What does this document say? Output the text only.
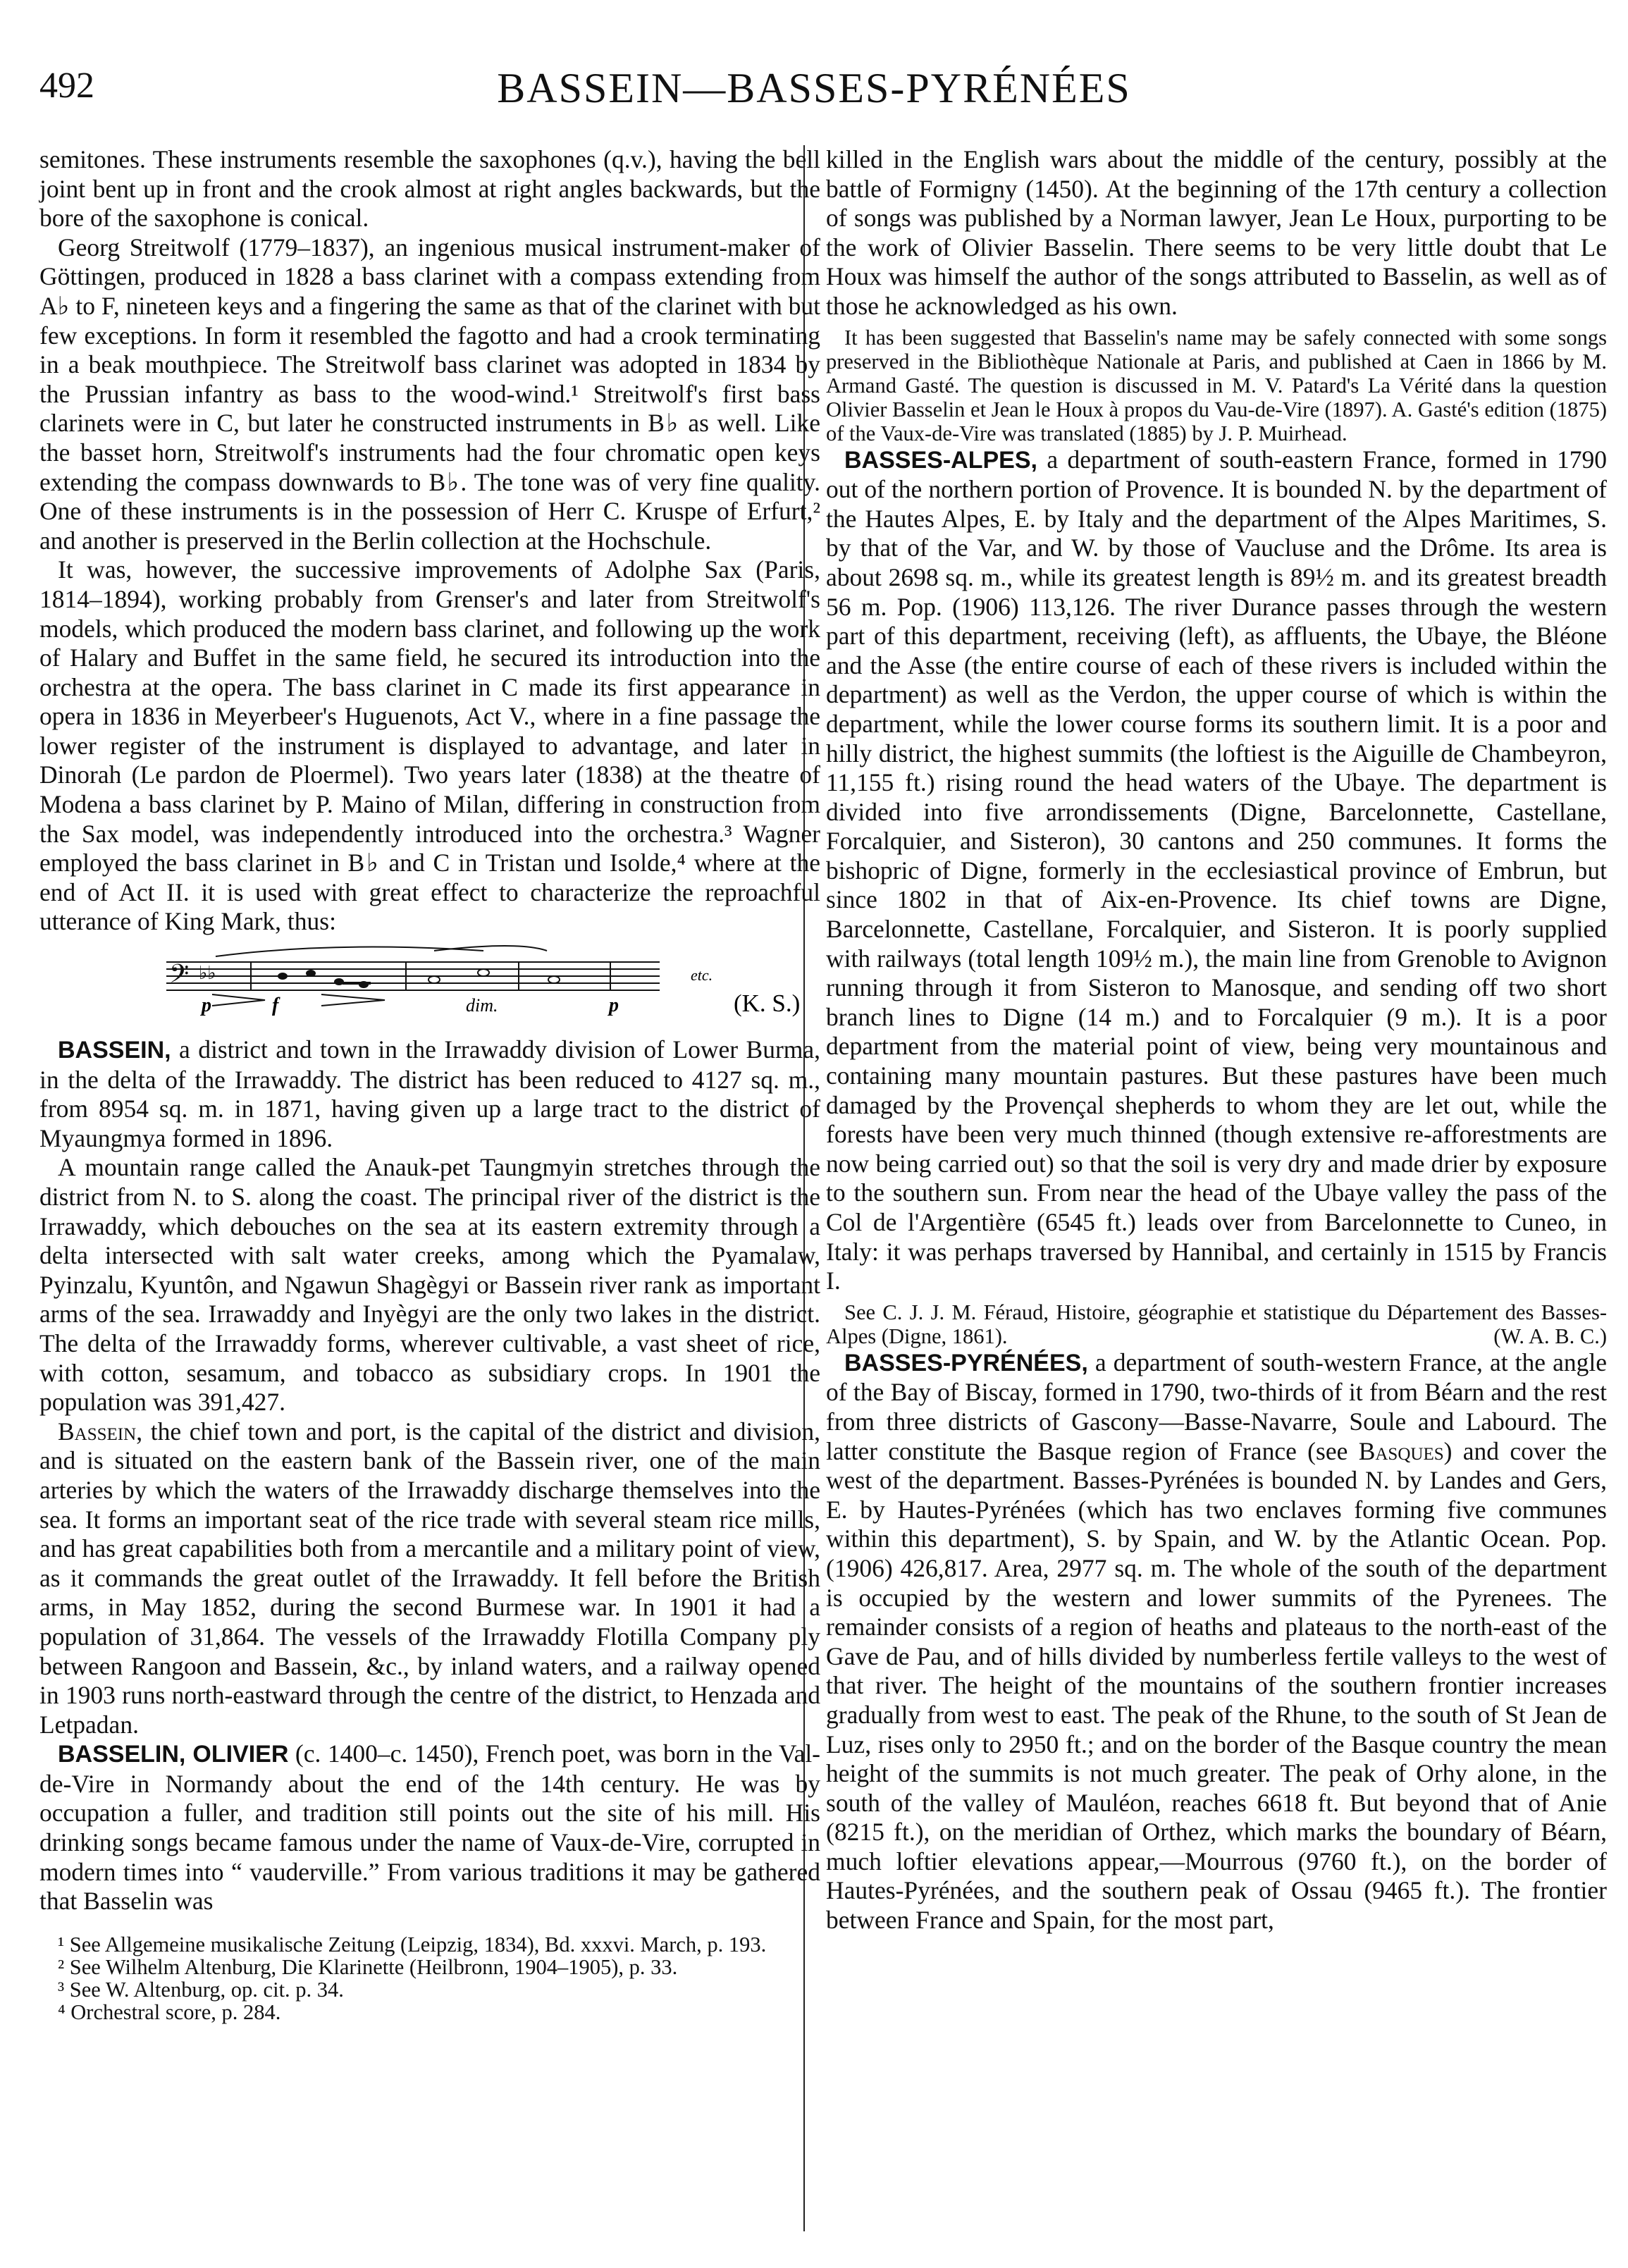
492	BASSEIN—BASSES-PYRÉNÉES

semitones. These instruments resemble the saxophones (q.v.), having the bell joint bent up in front and the crook almost at right angles backwards, but the bore of the saxophone is conical.

Georg Streitwolf (1779–1837), an ingenious musical instrument-maker of Göttingen, produced in 1828 a bass clarinet with a compass extending from A♭ to F, nineteen keys and a fingering the same as that of the clarinet with but few exceptions. In form it resembled the fagotto and had a crook terminating in a beak mouthpiece. The Streitwolf bass clarinet was adopted in 1834 by the Prussian infantry as bass to the wood-wind.¹ Streitwolf's first bass clarinets were in C, but later he constructed instruments in B♭ as well. Like the basset horn, Streitwolf's instruments had the four chromatic open keys extending the compass downwards to B♭. The tone was of very fine quality. One of these instruments is in the possession of Herr C. Kruspe of Erfurt,² and another is preserved in the Berlin collection at the Hochschule.

It was, however, the successive improvements of Adolphe Sax (Paris, 1814–1894), working probably from Grenser's and later from Streitwolf's models, which produced the modern bass clarinet, and following up the work of Halary and Buffet in the same field, he secured its introduction into the orchestra at the opera. The bass clarinet in C made its first appearance in opera in 1836 in Meyerbeer's Huguenots, Act V., where in a fine passage the lower register of the instrument is displayed to advantage, and later in Dinorah (Le pardon de Ploermel). Two years later (1838) at the theatre of Modena a bass clarinet by P. Maino of Milan, differing in construction from the Sax model, was independently introduced into the orchestra.³ Wagner employed the bass clarinet in B♭ and C in Tristan und Isolde,⁴ where at the end of Act II. it is used with great effect to characterize the reproachful utterance of King Mark, thus:

𝄢 ♭♭	etc.
p	f	dim.	p	(K. S.)

BASSEIN, a district and town in the Irrawaddy division of Lower Burma, in the delta of the Irrawaddy. The district has been reduced to 4127 sq. m., from 8954 sq. m. in 1871, having given up a large tract to the district of Myaungmya formed in 1896.

A mountain range called the Anauk-pet Taungmyin stretches through the district from N. to S. along the coast. The principal river of the district is the Irrawaddy, which debouches on the sea at its eastern extremity through a delta intersected with salt water creeks, among which the Pyamalaw, Pyinzalu, Kyuntôn, and Ngawun Shagègyi or Bassein river rank as important arms of the sea. Irrawaddy and Inyègyi are the only two lakes in the district. The delta of the Irrawaddy forms, wherever cultivable, a vast sheet of rice, with cotton, sesamum, and tobacco as subsidiary crops. In 1901 the population was 391,427.

Bassein, the chief town and port, is the capital of the district and division, and is situated on the eastern bank of the Bassein river, one of the main arteries by which the waters of the Irrawaddy discharge themselves into the sea. It forms an important seat of the rice trade with several steam rice mills, and has great capabilities both from a mercantile and a military point of view, as it commands the great outlet of the Irrawaddy. It fell before the British arms, in May 1852, during the second Burmese war. In 1901 it had a population of 31,864. The vessels of the Irrawaddy Flotilla Company ply between Rangoon and Bassein, &c., by inland waters, and a railway opened in 1903 runs north-eastward through the centre of the district, to Henzada and Letpadan.

BASSELIN, OLIVIER (c. 1400–c. 1450), French poet, was born in the Val-de-Vire in Normandy about the end of the 14th century. He was by occupation a fuller, and tradition still points out the site of his mill. His drinking songs became famous under the name of Vaux-de-Vire, corrupted in modern times into “ vauderville.” From various traditions it may be gathered that Basselin was

¹ See Allgemeine musikalische Zeitung (Leipzig, 1834), Bd. xxxvi. March, p. 193.

² See Wilhelm Altenburg, Die Klarinette (Heilbronn, 1904–1905), p. 33.

³ See W. Altenburg, op. cit. p. 34.

⁴ Orchestral score, p. 284.

killed in the English wars about the middle of the century, possibly at the battle of Formigny (1450). At the beginning of the 17th century a collection of songs was published by a Norman lawyer, Jean Le Houx, purporting to be the work of Olivier Basselin. There seems to be very little doubt that Le Houx was himself the author of the songs attributed to Basselin, as well as of those he acknowledged as his own.

It has been suggested that Basselin's name may be safely connected with some songs preserved in the Bibliothèque Nationale at Paris, and published at Caen in 1866 by M. Armand Gasté. The question is discussed in M. V. Patard's La Vérité dans la question Olivier Basselin et Jean le Houx à propos du Vau-de-Vire (1897). A. Gasté's edition (1875) of the Vaux-de-Vire was translated (1885) by J. P. Muirhead.

BASSES-ALPES, a department of south-eastern France, formed in 1790 out of the northern portion of Provence. It is bounded N. by the department of the Hautes Alpes, E. by Italy and the department of the Alpes Maritimes, S. by that of the Var, and W. by those of Vaucluse and the Drôme. Its area is about 2698 sq. m., while its greatest length is 89½ m. and its greatest breadth 56 m. Pop. (1906) 113,126. The river Durance passes through the western part of this department, receiving (left), as affluents, the Ubaye, the Bléone and the Asse (the entire course of each of these rivers is included within the department) as well as the Verdon, the upper course of which is within the department, while the lower course forms its southern limit. It is a poor and hilly district, the highest summits (the loftiest is the Aiguille de Chambeyron, 11,155 ft.) rising round the head waters of the Ubaye. The department is divided into five arrondissements (Digne, Barcelonnette, Castellane, Forcalquier, and Sisteron), 30 cantons and 250 communes. It forms the bishopric of Digne, formerly in the ecclesiastical province of Embrun, but since 1802 in that of Aix-en-Provence. Its chief towns are Digne, Barcelonnette, Castellane, Forcalquier, and Sisteron. It is poorly supplied with railways (total length 109½ m.), the main line from Grenoble to Avignon running through it from Sisteron to Manosque, and sending off two short branch lines to Digne (14 m.) and to Forcalquier (9 m.). It is a poor department from the material point of view, being very mountainous and containing many mountain pastures. But these pastures have been much damaged by the Provençal shepherds to whom they are let out, while the forests have been very much thinned (though extensive re-afforestments are now being carried out) so that the soil is very dry and made drier by exposure to the southern sun. From near the head of the Ubaye valley the pass of the Col de l'Argentière (6545 ft.) leads over from Barcelonnette to Cuneo, in Italy: it was perhaps traversed by Hannibal, and certainly in 1515 by Francis I.

See C. J. J. M. Féraud, Histoire, géographie et statistique du Département des Basses-Alpes (Digne, 1861).	(W. A. B. C.)

BASSES-PYRÉNÉES, a department of south-western France, at the angle of the Bay of Biscay, formed in 1790, two-thirds of it from Béarn and the rest from three districts of Gascony—Basse-Navarre, Soule and Labourd. The latter constitute the Basque region of France (see Basques) and cover the west of the department. Basses-Pyrénées is bounded N. by Landes and Gers, E. by Hautes-Pyrénées (which has two enclaves forming five communes within this department), S. by Spain, and W. by the Atlantic Ocean. Pop. (1906) 426,817. Area, 2977 sq. m. The whole of the south of the department is occupied by the western and lower summits of the Pyrenees. The remainder consists of a region of heaths and plateaus to the north-east of the Gave de Pau, and of hills divided by numberless fertile valleys to the west of that river. The height of the mountains of the southern frontier increases gradually from west to east. The peak of the Rhune, to the south of St Jean de Luz, rises only to 2950 ft.; and on the border of the Basque country the mean height of the summits is not much greater. The peak of Orhy alone, in the south of the valley of Mauléon, reaches 6618 ft. But beyond that of Anie (8215 ft.), on the meridian of Orthez, which marks the boundary of Béarn, much loftier elevations appear,—Mourrous (9760 ft.), on the border of Hautes-Pyrénées, and the southern peak of Ossau (9465 ft.). The frontier between France and Spain, for the most part,
